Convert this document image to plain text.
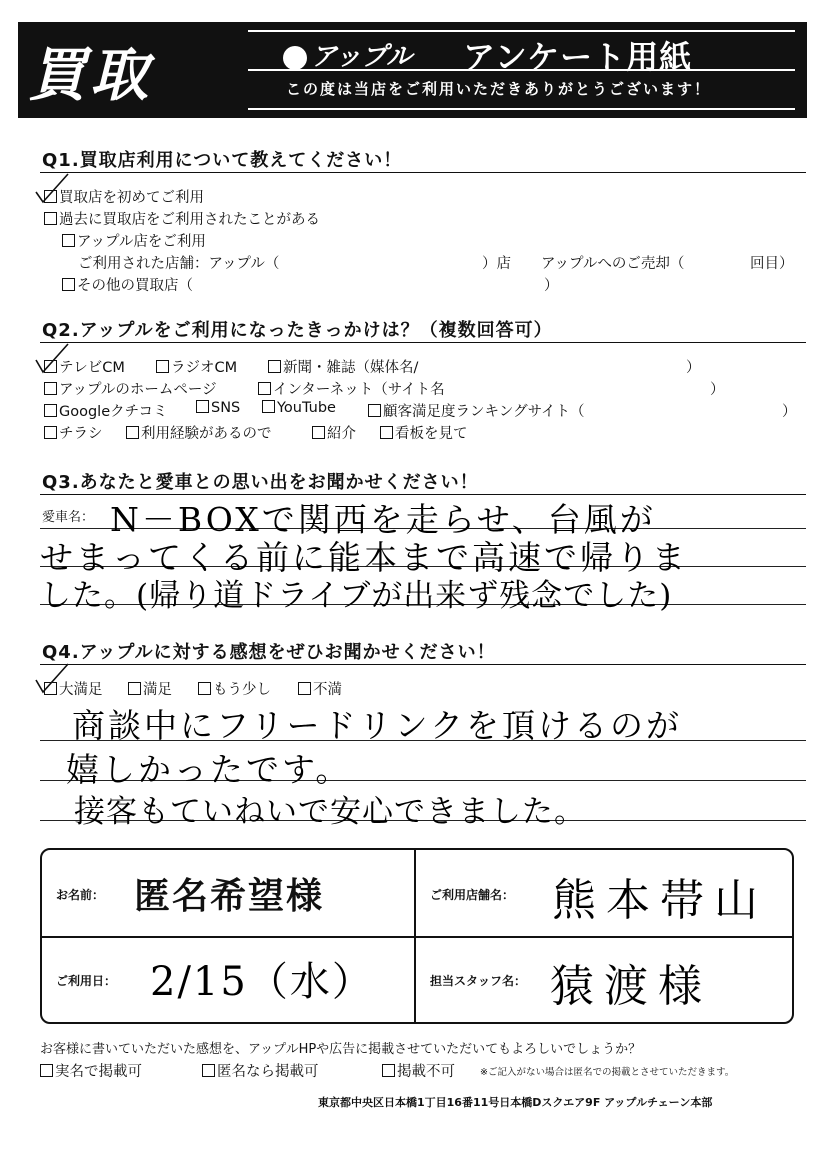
買取	アップル アンケート用紙
この度は当店をご利用いただきありがとうございます！
Q1.買取店利用について教えてください！
買取店を初めてご利用
過去に買取店をご利用されたことがある
アップル店をご利用
ご利用された店舗：アップル（	）店 アップルへのご売却（	回目）
その他の買取店（	）
Q2.アップルをご利用になったきっかけは？（複数回答可）
テレビCM	ラジオCM	新聞・雑誌（媒体名/	）
アップルのホームページ	インターネット（サイト名	）
Googleクチコミ	SNS	YouTube	顧客満足度ランキングサイト（	）
チラシ	利用経験があるので	紹介	看板を見て
Q3.あなたと愛車との思い出をお聞かせください！
愛車名： N－BOXで関西を走らせ、台風が
せまってくる前に能本まで高速で帰りま
した。(帰り道ドライブが出来ず残念でした)
Q4.アップルに対する感想をぜひお聞かせください！
大満足	満足	もう少し	不満
商談中にフリードリンクを頂けるのが
嬉しかったです。
接客もていねいで安心できました。
お名前： 匿名希望様	ご利用店舗名： 熊本帯山
ご利用日： 2/15（水）	担当スタッフ名： 猿渡様
お客様に書いていただいた感想を、アップルHPや広告に掲載させていただいてもよろしいでしょうか？
実名で掲載可	匿名なら掲載可	掲載不可	※ご記入がない場合は匿名での掲載とさせていただきます。
東京都中央区日本橋1丁目16番11号日本橋Dスクエア9F アップルチェーン本部
